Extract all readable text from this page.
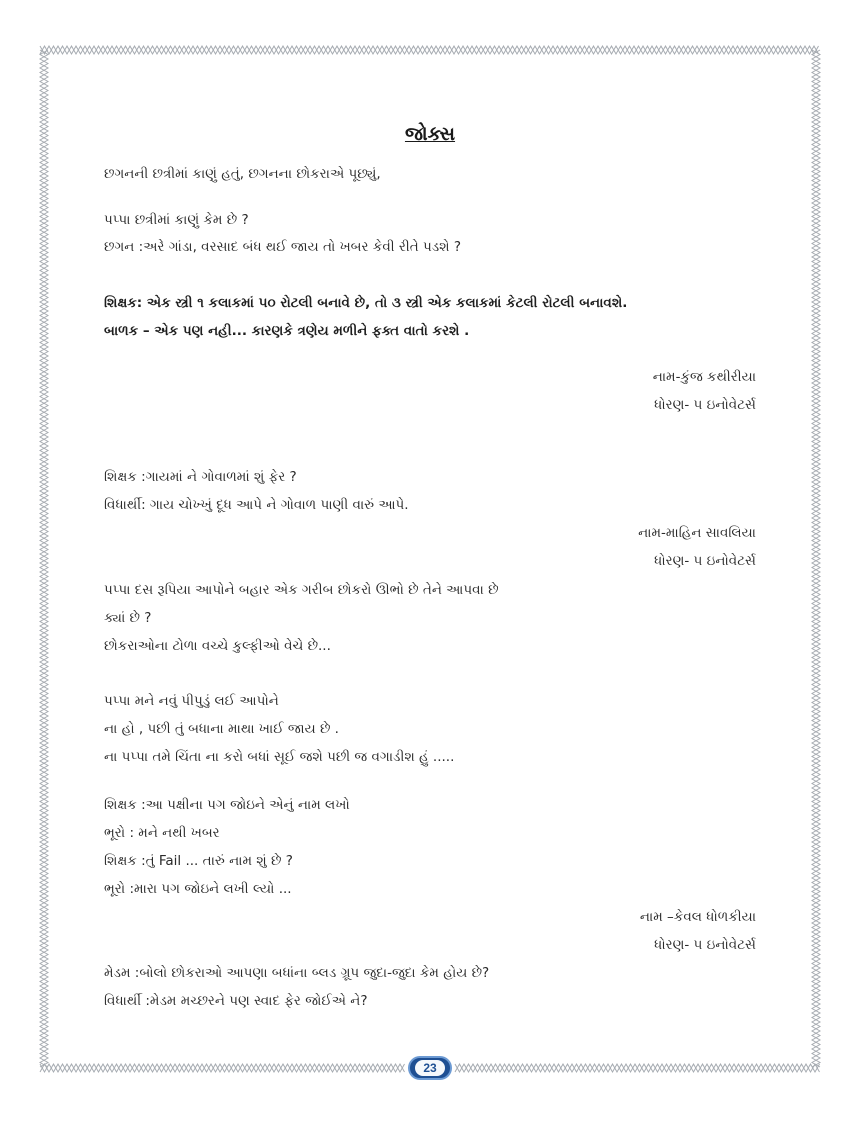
જોક્સ
છગનની છત્રીમાં કાણું હતું, છગનના છોકરાએ પૂછ્યું,
પપ્પા છત્રીમાં કાણું કેમ છે ?
છગન :અરે ગાંડા, વરસાદ બંધ થઈ જાય તો ખબર કેવી રીતે પડશે ?
શિક્ષક: એક સ્ત્રી ૧ કલાકમાં ૫૦ રોટલી બનાવે છે, તો ૩ સ્ત્રી એક કલાકમાં કેટલી રોટલી બનાવશે.
બાળક – એક પણ નહી... કારણકે ત્રણેય મળીને ફક્ત વાતો કરશે .
નામ-કુંજ કથીરીયા
ધોરણ- ૫ ઇનોવેટર્સ
શિક્ષક :ગાયમાં ને ગોવાળમાં શું ફેર ?
વિધાર્થી: ગાય ચોખ્ખું દૂધ આપે ને ગોવાળ પાણી વારું આપે.
નામ-માહિન સાવલિયા
ધોરણ- ૫ ઇનોવેટર્સ
પપ્પા દસ રૂપિયા આપોને બહાર એક ગરીબ છોકરો ઊભો છે તેને આપવા છે
ક્યાં છે ?
છોકરાઓના ટોળા વચ્ચે કુલ્ફીઓ વેચે છે...
પપ્પા મને નવું પીપુડું લઈ આપોને
ના હો , પછી તું બધાના માથા ખાઈ જાય છે .
ના પપ્પા તમે ચિંતા ના કરો બધાં સૂઈ જશે પછી જ વગાડીશ હું .....
શિક્ષક :આ પક્ષીના પગ જોઇને એનું નામ લખો
ભૂરો : મને નથી ખબર
શિક્ષક :તું Fail ... તારું નામ શું છે ?
ભૂરો :મારા પગ જોઇને લખી લ્યો ...
નામ –કેવલ ધોળકીયા
ધોરણ- ૫ ઇનોવેટર્સ
મેડમ :બોલો છોકરાઓ આપણા બધાંના બ્લડ ગ્રૂપ જુદા-જુદા કેમ હોય છે?
વિધાર્થી :મેડમ મચ્છરને પણ સ્વાદ ફેર જોઈએ ને?
23
